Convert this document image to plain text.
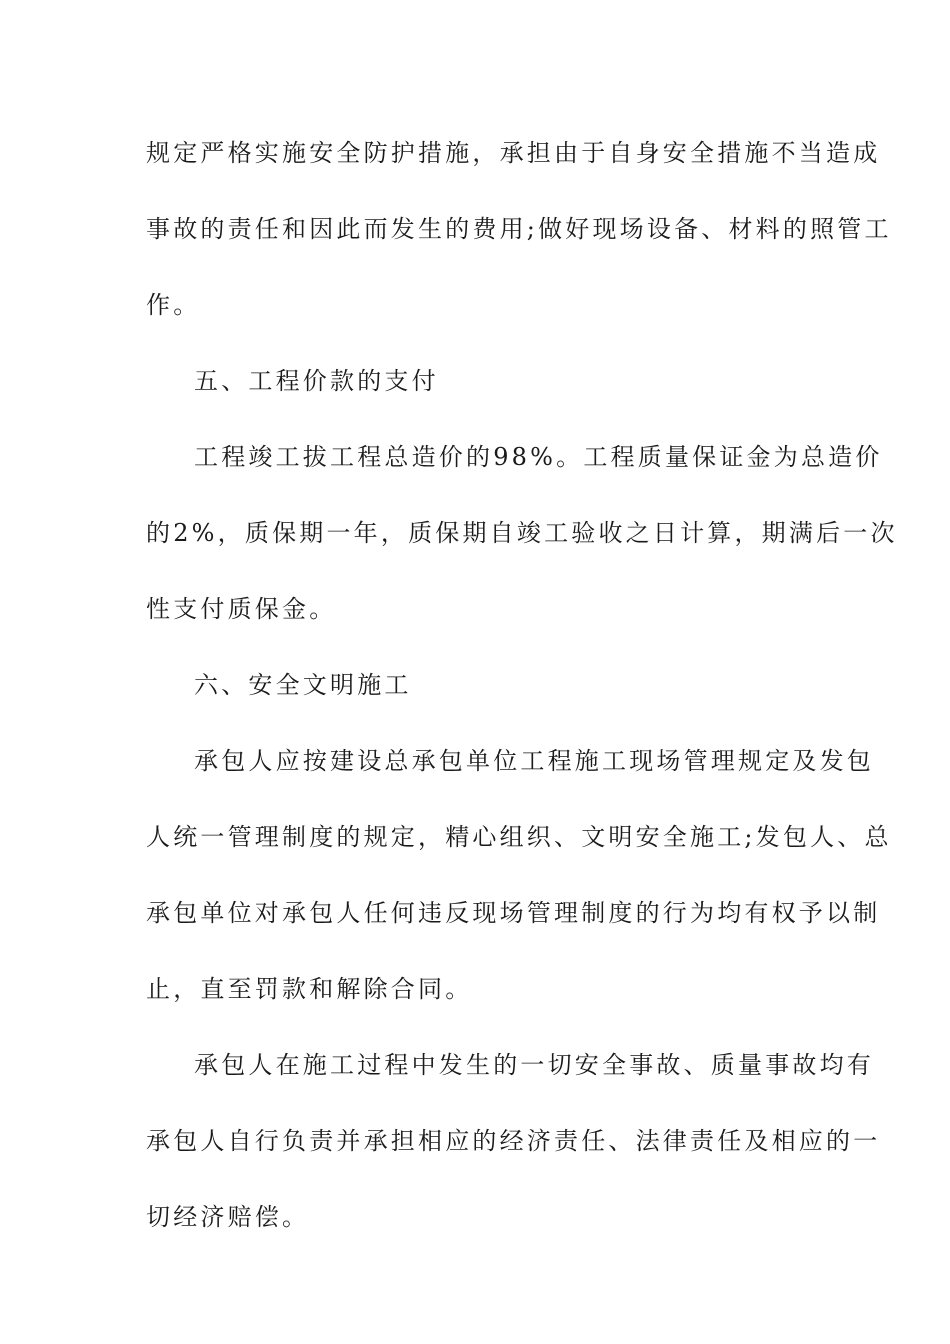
规定严格实施安全防护措施，承担由于自身安全措施不当造成
事故的责任和因此而发生的费用;做好现场设备、材料的照管工
作。
五、工程价款的支付
工程竣工拔工程总造价的98%。工程质量保证金为总造价
的2%，质保期一年，质保期自竣工验收之日计算，期满后一次
性支付质保金。
六、安全文明施工
承包人应按建设总承包单位工程施工现场管理规定及发包
人统一管理制度的规定，精心组织、文明安全施工;发包人、总
承包单位对承包人任何违反现场管理制度的行为均有权予以制
止，直至罚款和解除合同。
承包人在施工过程中发生的一切安全事故、质量事故均有
承包人自行负责并承担相应的经济责任、法律责任及相应的一
切经济赔偿。
